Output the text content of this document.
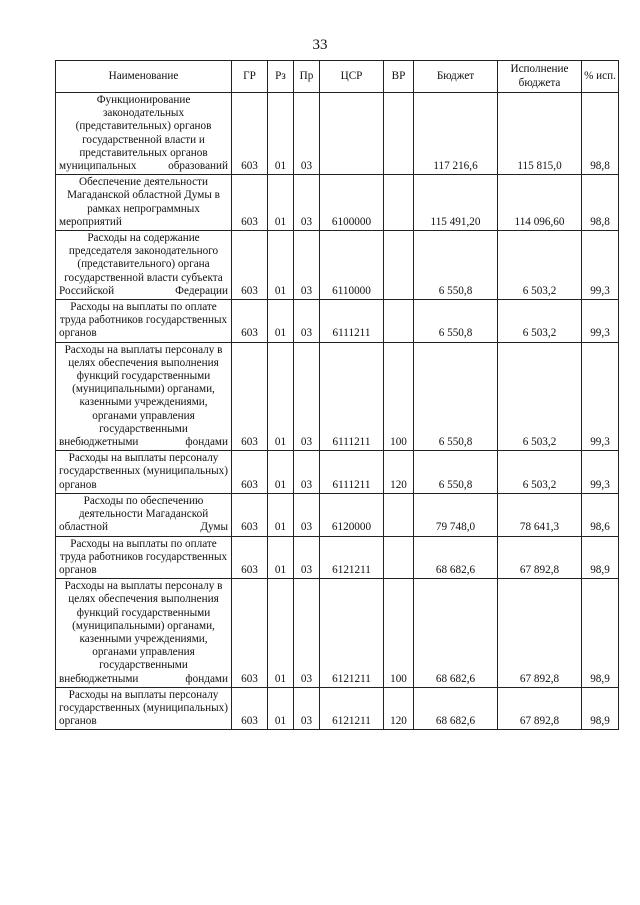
33
Наименование	ГР	Рз	Пр	ЦСР	ВР	Бюджет	Исполнение бюджета	% исп.
Функционирование законодательных (представительных) органов государственной власти и представительных органов муниципальных образований	603	01	03			117 216,6	115 815,0	98,8
Обеспечение деятельности Магаданской областной Думы в рамках непрограммных мероприятий	603	01	03	6100000		115 491,20	114 096,60	98,8
Расходы на содержание председателя законодательного (представительного) органа государственной власти субъекта Российской Федерации	603	01	03	6110000		6 550,8	6 503,2	99,3
Расходы на выплаты по оплате труда работников государственных органов	603	01	03	6111211		6 550,8	6 503,2	99,3
Расходы на выплаты персоналу в целях обеспечения выполнения функций государственными (муниципальными) органами, казенными учреждениями, органами управления государственными внебюджетными фондами	603	01	03	6111211	100	6 550,8	6 503,2	99,3
Расходы на выплаты персоналу государственных (муниципальных) органов	603	01	03	6111211	120	6 550,8	6 503,2	99,3
Расходы по обеспечению деятельности Магаданской областной Думы	603	01	03	6120000		79 748,0	78 641,3	98,6
Расходы на выплаты по оплате труда работников государственных органов	603	01	03	6121211		68 682,6	67 892,8	98,9
Расходы на выплаты персоналу в целях обеспечения выполнения функций государственными (муниципальными) органами, казенными учреждениями, органами управления государственными внебюджетными фондами	603	01	03	6121211	100	68 682,6	67 892,8	98,9
Расходы на выплаты персоналу государственных (муниципальных) органов	603	01	03	6121211	120	68 682,6	67 892,8	98,9
